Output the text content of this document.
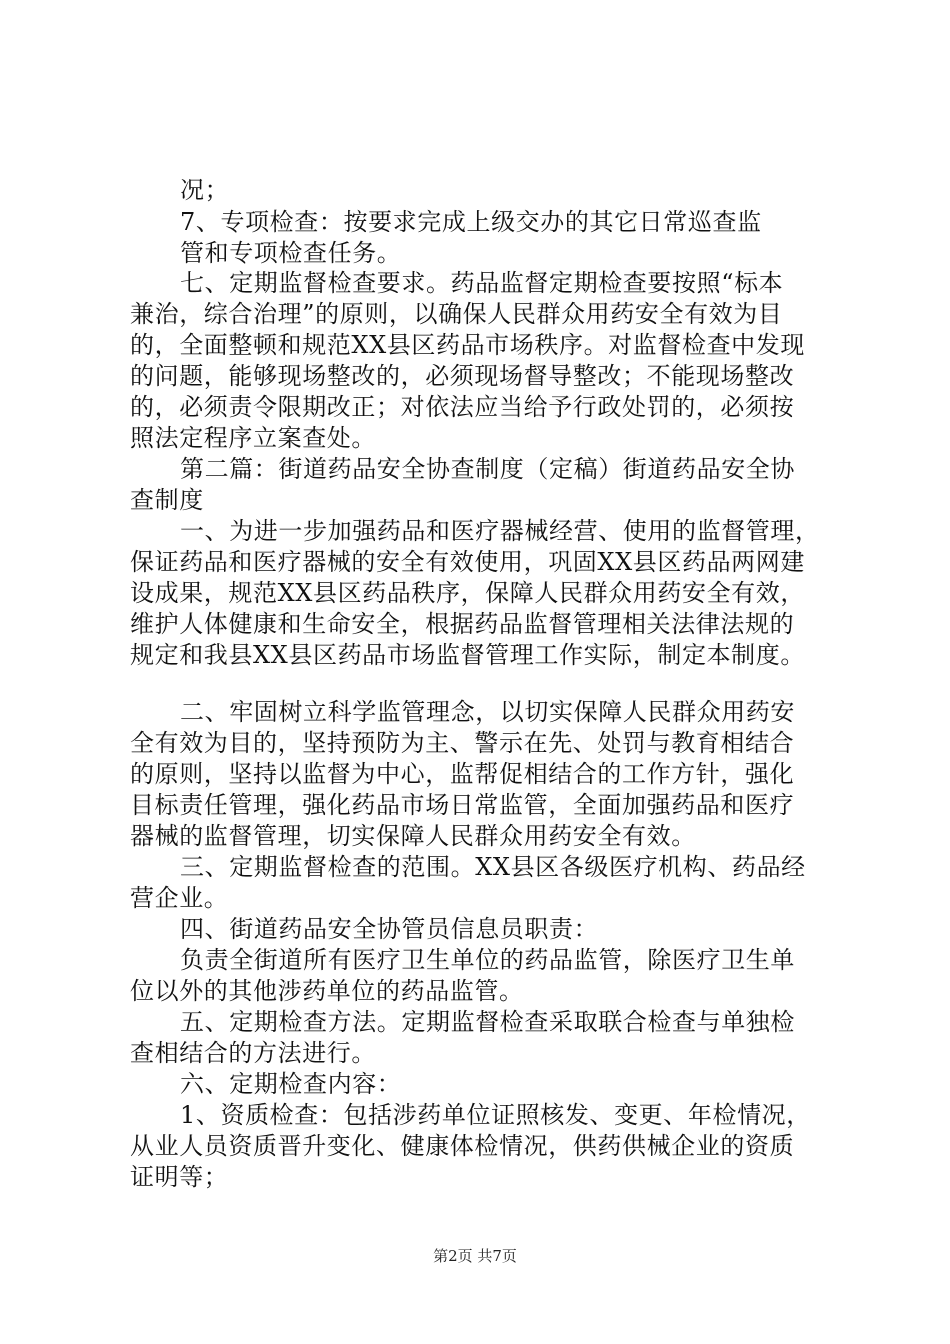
况；
7、专项检查：按要求完成上级交办的其它日常巡查监
管和专项检查任务。
七、定期监督检查要求。药品监督定期检查要按照“标本
兼治，综合治理”的原则，以确保人民群众用药安全有效为目
的，全面整顿和规范XX县区药品市场秩序。对监督检查中发现
的问题，能够现场整改的，必须现场督导整改；不能现场整改
的，必须责令限期改正；对依法应当给予行政处罚的，必须按
照法定程序立案查处。
第二篇：街道药品安全协查制度（定稿）街道药品安全协
查制度
一、为进一步加强药品和医疗器械经营、使用的监督管理，
保证药品和医疗器械的安全有效使用，巩固XX县区药品两网建
设成果，规范XX县区药品秩序，保障人民群众用药安全有效，
维护人体健康和生命安全，根据药品监督管理相关法律法规的
规定和我县XX县区药品市场监督管理工作实际，制定本制度。
二、牢固树立科学监管理念，以切实保障人民群众用药安
全有效为目的，坚持预防为主、警示在先、处罚与教育相结合
的原则，坚持以监督为中心，监帮促相结合的工作方针，强化
目标责任管理，强化药品市场日常监管，全面加强药品和医疗
器械的监督管理，切实保障人民群众用药安全有效。
三、定期监督检查的范围。XX县区各级医疗机构、药品经
营企业。
四、街道药品安全协管员信息员职责：
负责全街道所有医疗卫生单位的药品监管，除医疗卫生单
位以外的其他涉药单位的药品监管。
五、定期检查方法。定期监督检查采取联合检查与单独检
查相结合的方法进行。
六、定期检查内容：
1、资质检查：包括涉药单位证照核发、变更、年检情况，
从业人员资质晋升变化、健康体检情况，供药供械企业的资质
证明等；
第2页 共7页
